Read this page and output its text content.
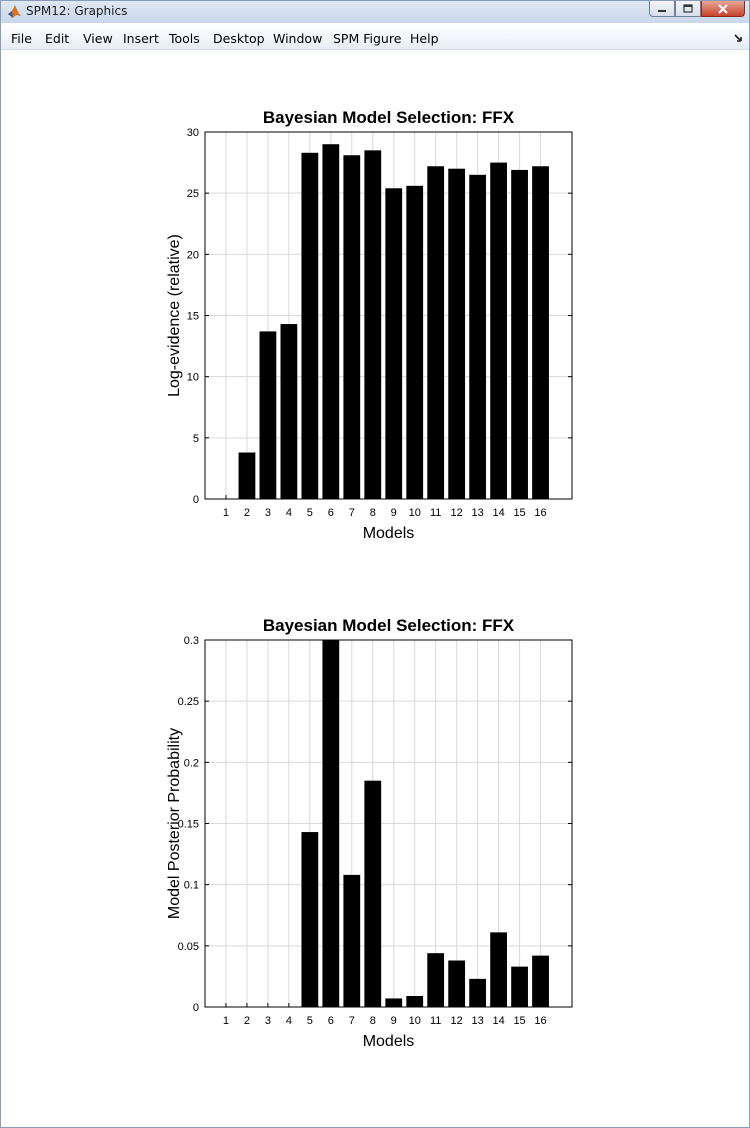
SPM12: Graphics
File Edit View Insert Tools Desktop Window SPM Figure Help
0
5
10
15
20
25
30
1 2 3 4 5 6 7 8 9 10 11 12 13 14 15 16
Bayesian Model Selection: FFX
Models
Log-evidence (relative)
0
0.05
0.1
0.15
0.2
0.25
0.3
1 2 3 4 5 6 7 8 9 10 11 12 13 14 15 16
Bayesian Model Selection: FFX
Models
Model Posterior Probability
